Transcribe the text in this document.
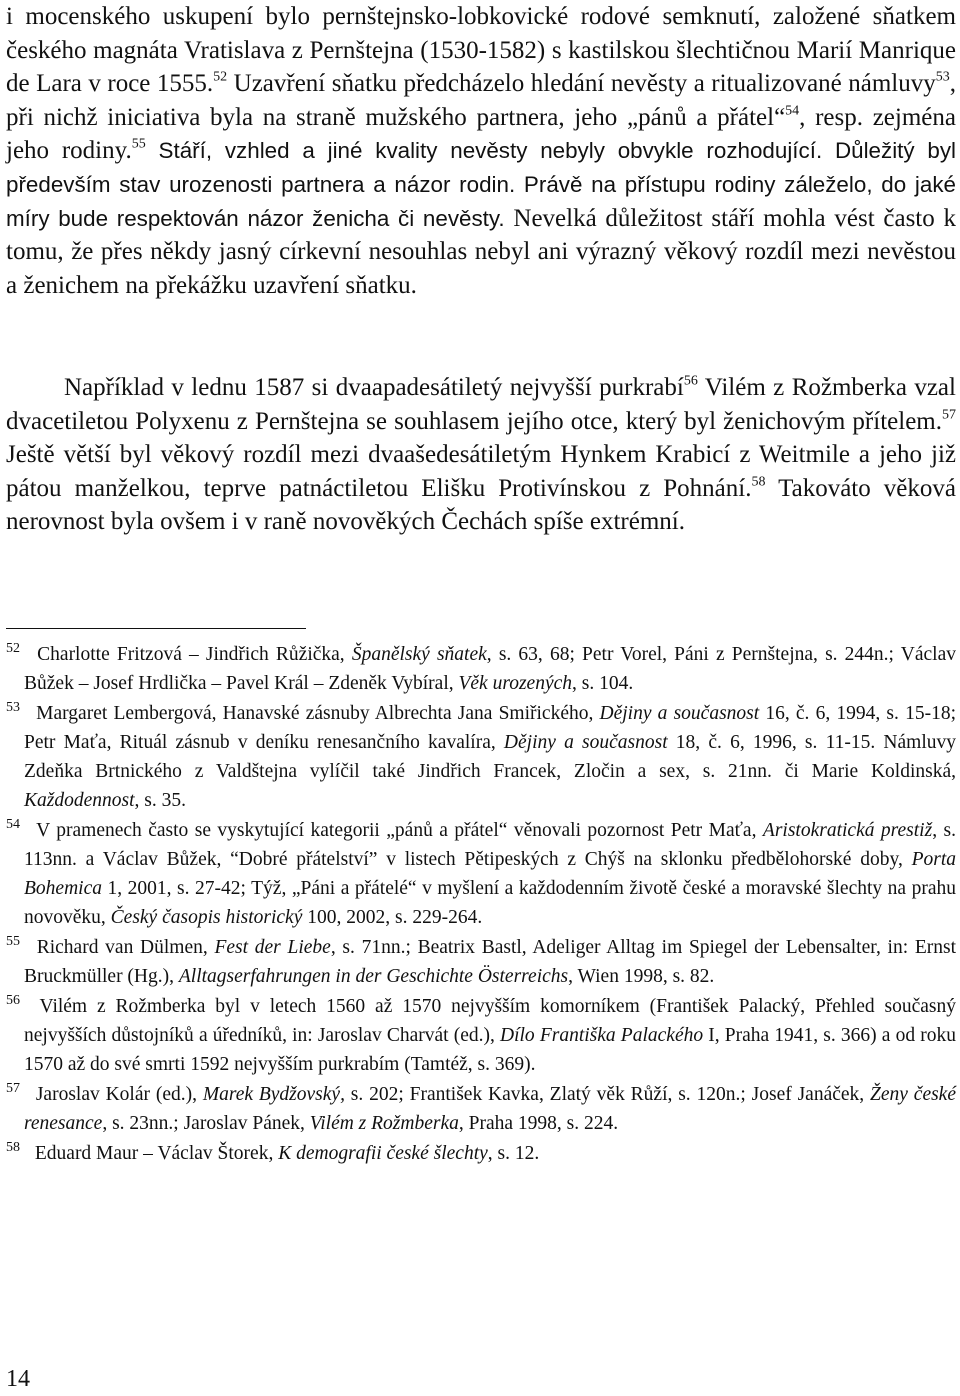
i mocenského uskupení bylo pernštejnsko-lobkovické rodové semknutí, založené sňatkem českého magnáta Vratislava z Pernštejna (1530-1582) s kastilskou šlechtičnou Marií Manrique de Lara v roce 1555.52 Uzavření sňatku předcházelo hledání nevěsty a ritualizované námluvy$^{53}$, při nichž iniciativa byla na straně mužského partnera, jeho „pánů a přátel“$^{54}$, resp. zejména jeho rodiny.$^{55}$ Stáří, vzhled a jiné kvality nevěsty nebyly obvykle rozhodující. Důležitý byl především stav urozenosti partnera a názor rodin. Právě na přístupu rodiny záleželo, do jaké míry bude respektován názor ženicha či nevěsty. Nevelká důležitost stáří mohla vést často k tomu, že přes někdy jasný církevní nesouhlas nebyl ani výrazný věkový rozdíl mezi nevěstou a ženichem na překážku uzavření sňatku.

Například v lednu 1587 si dvaapadesátiletý nejvyšší purkrabí$^{56}$ Vilém z Rožmberka vzal dvacetiletou Polyxenu z Pernštejna se souhlasem jejího otce, který byl ženichovým přítelem.$^{57}$ Ještě větší byl věkový rozdíl mezi dvaašedesátiletým Hynkem Krabicí z Weitmile a jeho již pátou manželkou, teprve patnáctiletou Elišku Protivínskou z Pohnání.$^{58}$ Takováto věková nerovnost byla ovšem i v raně novověkých Čechách spíše extrémní.

52 Charlotte Fritzová – Jindřich Růžička, Španělský sňatek, s. 63, 68; Petr Vorel, Páni z Pernštejna, s. 244n.; Václav Bůžek – Josef Hrdlička – Pavel Král – Zdeněk Vybíral, Věk urozených, s. 104.

53 Margaret Lembergová, Hanavské zásnuby Albrechta Jana Smiřického, Dějiny a současnost 16, č. 6, 1994, s. 15-18; Petr Maťa, Rituál zásnub v deníku renesančního kavalíra, Dějiny a současnost 18, č. 6, 1996, s. 11-15. Námluvy Zdeňka Brtnického z Valdštejna vylíčil také Jindřich Francek, Zločin a sex, s. 21nn. či Marie Koldinská, Každodennost, s. 35.

54 V pramenech často se vyskytující kategorii „pánů a přátel“ věnovali pozornost Petr Maťa, Aristokratická prestiž, s. 113nn. a Václav Bůžek, “Dobré přátelství” v listech Pětipeských z Chýš na sklonku předbělohorské doby, Porta Bohemica 1, 2001, s. 27-42; Týž, „Páni a přátelé“ v myšlení a každodenním životě české a moravské šlechty na prahu novověku, Český časopis historický 100, 2002, s. 229-264.

55 Richard van Dülmen, Fest der Liebe, s. 71nn.; Beatrix Bastl, Adeliger Alltag im Spiegel der Lebensalter, in: Ernst Bruckmüller (Hg.), Alltagserfahrungen in der Geschichte Österreichs, Wien 1998, s. 82.

56 Vilém z Rožmberka byl v letech 1560 až 1570 nejvyšším komorníkem (František Palacký, Přehled současný nejvyšších důstojníků a úředníků, in: Jaroslav Charvát (ed.), Dílo Františka Palackého I, Praha 1941, s. 366) a od roku 1570 až do své smrti 1592 nejvyšším purkrabím (Tamtéž, s. 369).

57 Jaroslav Kolár (ed.), Marek Bydžovský, s. 202; František Kavka, Zlatý věk Růží, s. 120n.; Josef Janáček, Ženy české renesance, s. 23nn.; Jaroslav Pánek, Vilém z Rožmberka, Praha 1998, s. 224.

58 Eduard Maur – Václav Štorek, K demografii české šlechty, s. 12.

14
